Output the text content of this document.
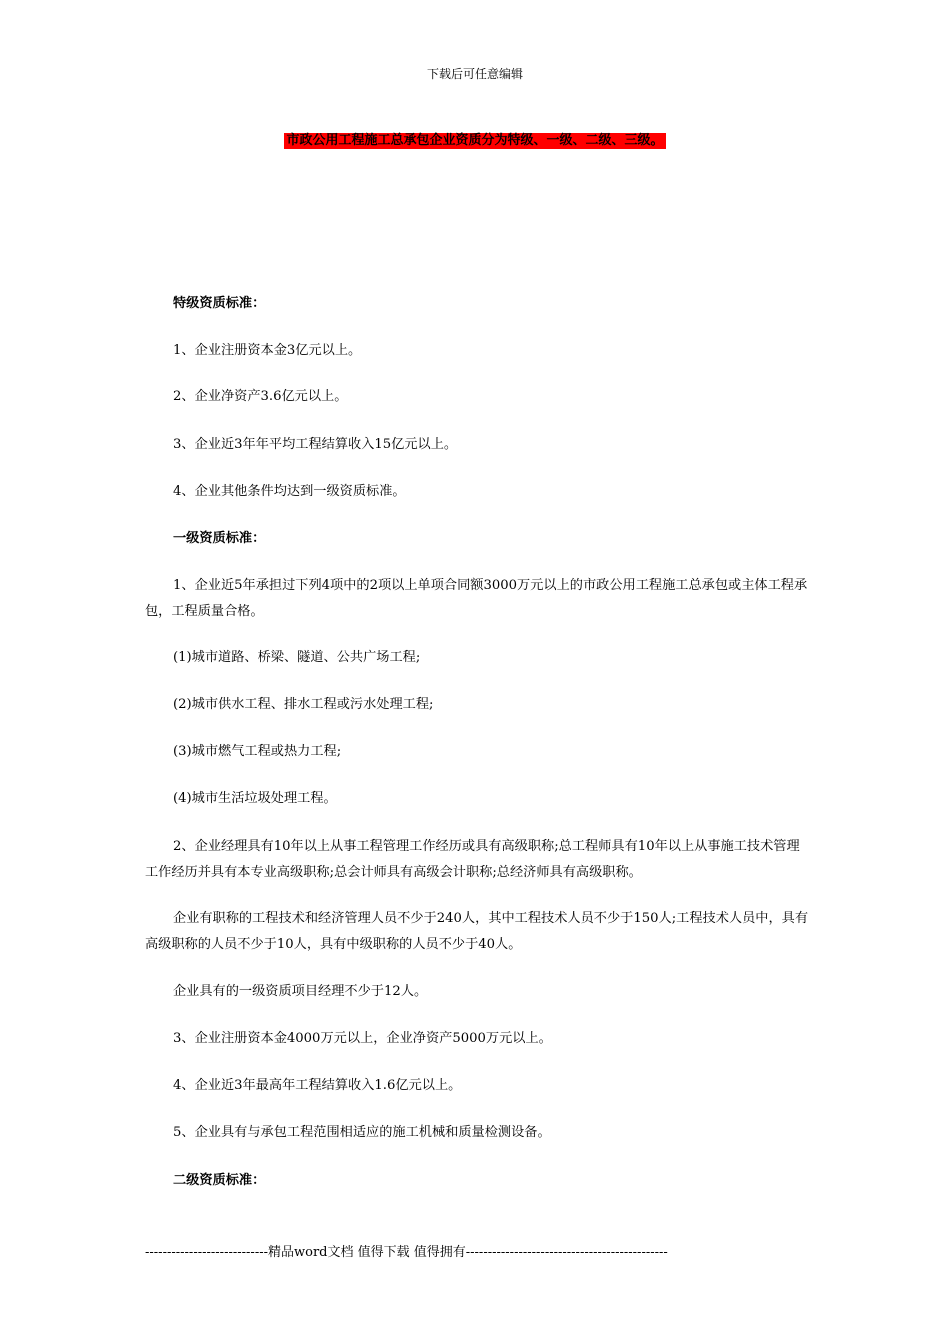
下载后可任意编辑
市政公用工程施工总承包企业资质分为特级、一级、二级、三级。
特级资质标准：
1、企业注册资本金3亿元以上。
2、企业净资产3.6亿元以上。
3、企业近3年年平均工程结算收入15亿元以上。
4、企业其他条件均达到一级资质标准。
一级资质标准：
1、企业近5年承担过下列4项中的2项以上单项合同额3000万元以上的市政公用工程施工总承包或主体工程承包，工程质量合格。
(1)城市道路、桥梁、隧道、公共广场工程;
(2)城市供水工程、排水工程或污水处理工程;
(3)城市燃气工程或热力工程;
(4)城市生活垃圾处理工程。
2、企业经理具有10年以上从事工程管理工作经历或具有高级职称;总工程师具有10年以上从事施工技术管理工作经历并具有本专业高级职称;总会计师具有高级会计职称;总经济师具有高级职称。
企业有职称的工程技术和经济管理人员不少于240人，其中工程技术人员不少于150人;工程技术人员中，具有高级职称的人员不少于10人，具有中级职称的人员不少于40人。
企业具有的一级资质项目经理不少于12人。
3、企业注册资本金4000万元以上，企业净资产5000万元以上。
4、企业近3年最高年工程结算收入1.6亿元以上。
5、企业具有与承包工程范围相适应的施工机械和质量检测设备。
二级资质标准：
----------------------------精品word文档 值得下载 值得拥有----------------------------------------------
